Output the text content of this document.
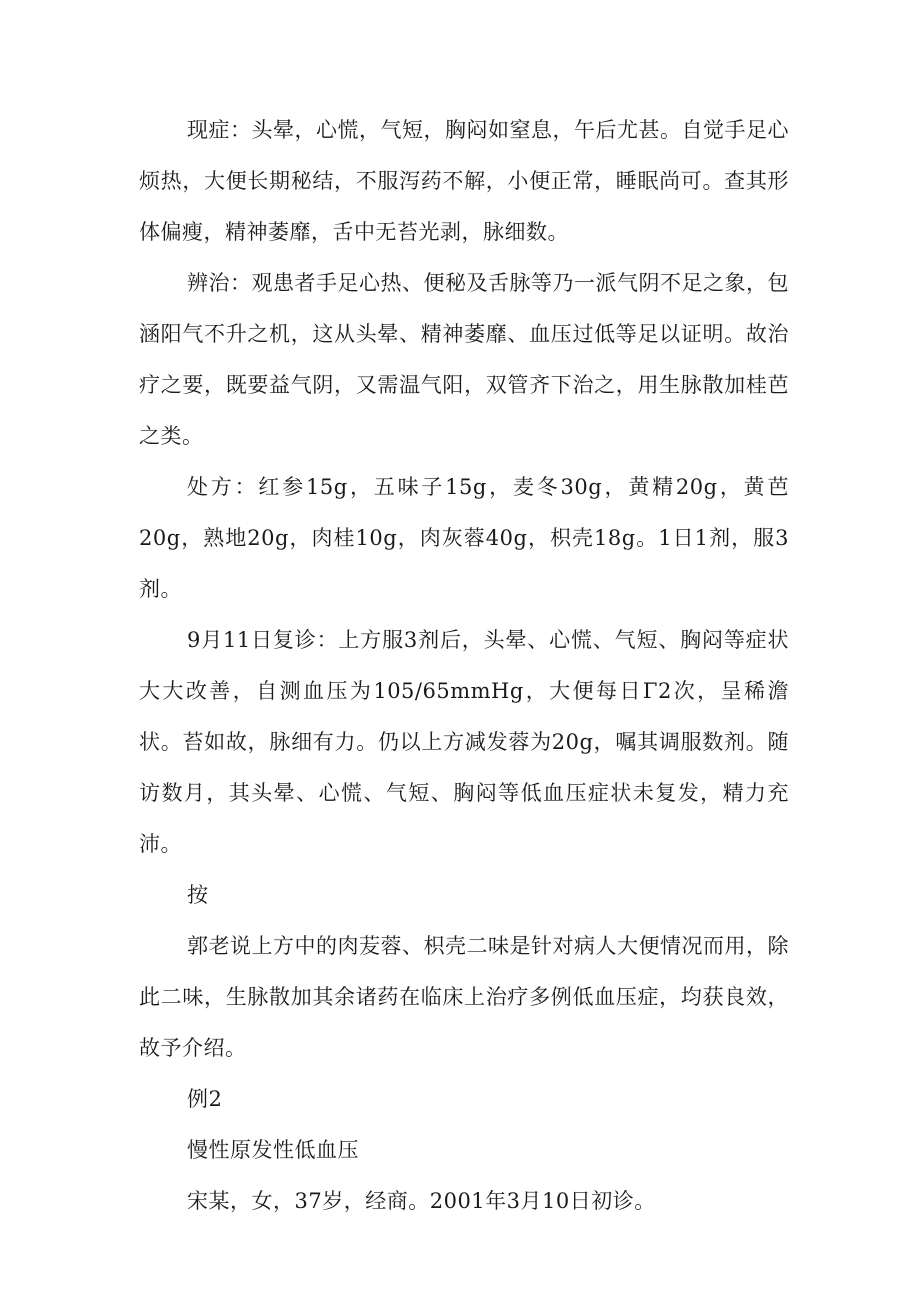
现症：头晕，心慌，气短，胸闷如窒息，午后尤甚。自觉手足心烦热，大便长期秘结，不服泻药不解，小便正常，睡眠尚可。查其形体偏瘦，精神萎靡，舌中无苔光剥，脉细数。

辨治：观患者手足心热、便秘及舌脉等乃一派气阴不足之象，包涵阳气不升之机，这从头晕、精神萎靡、血压过低等足以证明。故治疗之要，既要益气阴，又需温气阳，双管齐下治之，用生脉散加桂芭之类。

处方：红参15g，五味子15g，麦冬30g，黄精20g，黄芭20g，熟地20g，肉桂10g，肉灰蓉40g，枳壳18g。1日1剂，服3剂。

9月11日复诊：上方服3剂后，头晕、心慌、气短、胸闷等症状大大改善，自测血压为105/65mmHg，大便每日Γ2次，呈稀澹状。苔如故，脉细有力。仍以上方减发蓉为20g，嘱其调服数剂。随访数月，其头晕、心慌、气短、胸闷等低血压症状未复发，精力充沛。

按

郭老说上方中的肉苃蓉、枳壳二味是针对病人大便情况而用，除此二味，生脉散加其余诸药在临床上治疗多例低血压症，均获良效，故予介绍。

例2

慢性原发性低血压

宋某，女，37岁，经商。2001年3月10日初诊。
